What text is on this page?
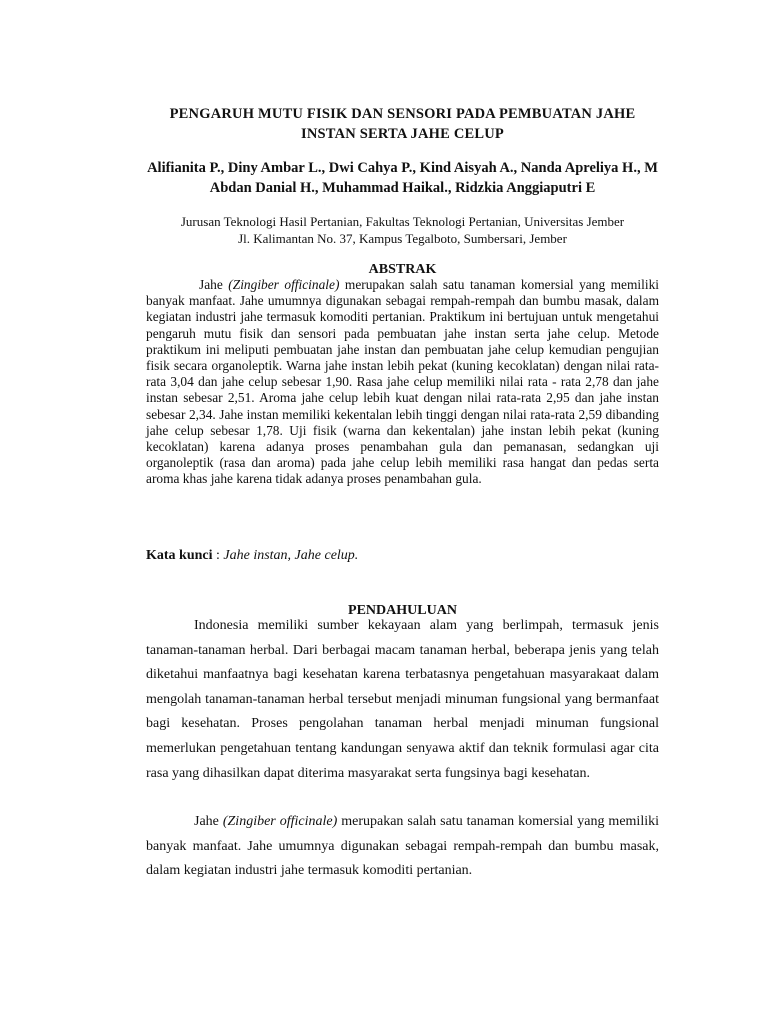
PENGARUH MUTU FISIK DAN SENSORI PADA PEMBUATAN JAHE INSTAN SERTA JAHE CELUP
Alifianita P., Diny Ambar L., Dwi Cahya P., Kind Aisyah A., Nanda Apreliya H., M Abdan Danial H., Muhammad Haikal., Ridzkia Anggiaputri E
Jurusan Teknologi Hasil Pertanian, Fakultas Teknologi Pertanian, Universitas Jember
Jl. Kalimantan No. 37, Kampus Tegalboto, Sumbersari, Jember
ABSTRAK

Jahe (Zingiber officinale) merupakan salah satu tanaman komersial yang memiliki banyak manfaat. Jahe umumnya digunakan sebagai rempah-rempah dan bumbu masak, dalam kegiatan industri jahe termasuk komoditi pertanian. Praktikum ini bertujuan untuk mengetahui pengaruh mutu fisik dan sensori pada pembuatan jahe instan serta jahe celup. Metode praktikum ini meliputi pembuatan jahe instan dan pembuatan jahe celup kemudian pengujian fisik secara organoleptik. Warna jahe instan lebih pekat (kuning kecoklatan) dengan nilai rata-rata 3,04 dan jahe celup sebesar 1,90. Rasa jahe celup memiliki nilai rata - rata 2,78 dan jahe instan sebesar 2,51. Aroma jahe celup lebih kuat dengan nilai rata-rata 2,95 dan jahe instan sebesar 2,34. Jahe instan memiliki kekentalan lebih tinggi dengan nilai rata-rata 2,59 dibanding jahe celup sebesar 1,78. Uji fisik (warna dan kekentalan) jahe instan lebih pekat (kuning kecoklatan) karena adanya proses penambahan gula dan pemanasan, sedangkan uji organoleptik (rasa dan aroma) pada jahe celup lebih memiliki rasa hangat dan pedas serta aroma khas jahe karena tidak adanya proses penambahan gula.

Kata kunci : Jahe instan, Jahe celup.
PENDAHULUAN

Indonesia memiliki sumber kekayaan alam yang berlimpah, termasuk jenis tanaman-tanaman herbal. Dari berbagai macam tanaman herbal, beberapa jenis yang telah diketahui manfaatnya bagi kesehatan karena terbatasnya pengetahuan masyarakaat dalam mengolah tanaman-tanaman herbal tersebut menjadi minuman fungsional yang bermanfaat bagi kesehatan. Proses pengolahan tanaman herbal menjadi minuman fungsional memerlukan pengetahuan tentang kandungan senyawa aktif dan teknik formulasi agar cita rasa yang dihasilkan dapat diterima masyarakat serta fungsinya bagi kesehatan.

Jahe (Zingiber officinale) merupakan salah satu tanaman komersial yang memiliki banyak manfaat. Jahe umumnya digunakan sebagai rempah-rempah dan bumbu masak, dalam kegiatan industri jahe termasuk komoditi pertanian.
